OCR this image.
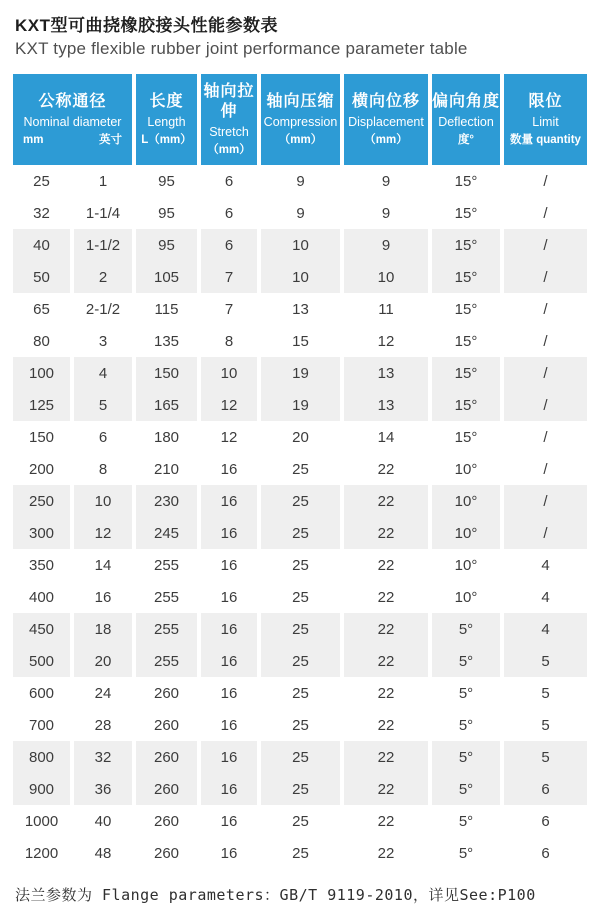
KXT型可曲挠橡胶接头性能参数表
KXT type flexible rubber joint performance parameter table
公称通径
Nominal diameter
mm	英寸

长度
Length
L（mm）

轴向拉伸
Stretch
（mm）

轴向压缩
Compression
（mm）

横向位移
Displacement
（mm）

偏向角度
Deflection
度°

限位
Limit
数量 quantity

25	1	95	6	9	9	15°	/
32	1-1/4	95	6	9	9	15°	/
40	1-1/2	95	6	10	9	15°	/
50	2	105	7	10	10	15°	/
65	2-1/2	115	7	13	11	15°	/
80	3	135	8	15	12	15°	/
100	4	150	10	19	13	15°	/
125	5	165	12	19	13	15°	/
150	6	180	12	20	14	15°	/
200	8	210	16	25	22	10°	/
250	10	230	16	25	22	10°	/
300	12	245	16	25	22	10°	/
350	14	255	16	25	22	10°	4
400	16	255	16	25	22	10°	4
450	18	255	16	25	22	5°	4
500	20	255	16	25	22	5°	5
600	24	260	16	25	22	5°	5
700	28	260	16	25	22	5°	5
800	32	260	16	25	22	5°	5
900	36	260	16	25	22	5°	6
1000	40	260	16	25	22	5°	6
1200	48	260	16	25	22	5°	6
法兰参数为 Flange parameters：GB/T 9119-2010，详见See:P100
